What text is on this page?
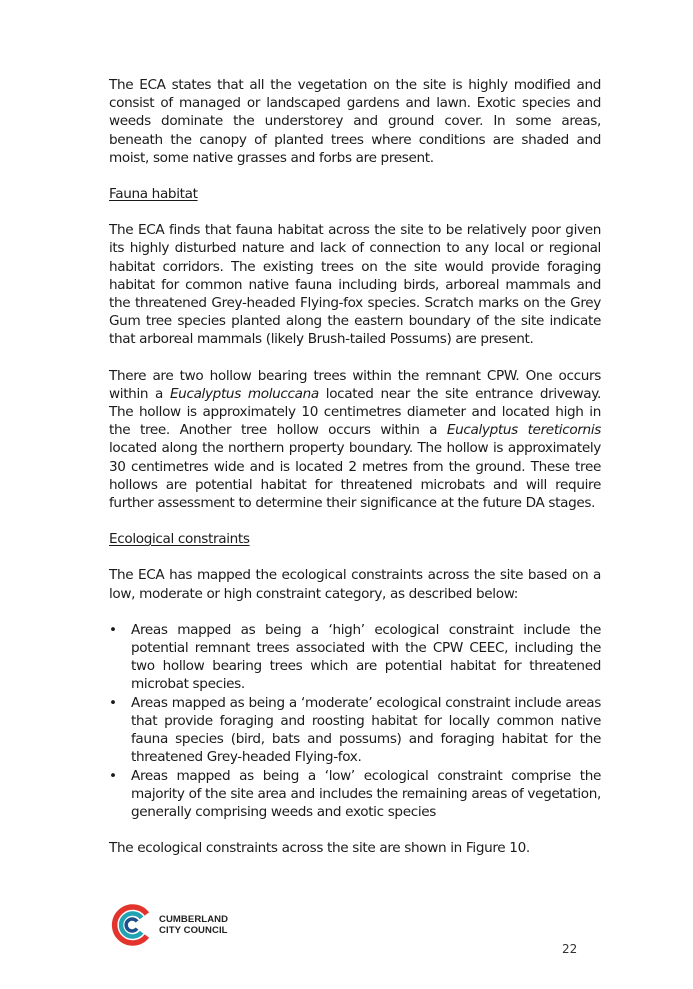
The ECA states that all the vegetation on the site is highly modified and consist of managed or landscaped gardens and lawn. Exotic species and weeds dominate the understorey and ground cover. In some areas, beneath the canopy of planted trees where conditions are shaded and moist, some native grasses and forbs are present.

Fauna habitat

The ECA finds that fauna habitat across the site to be relatively poor given its highly disturbed nature and lack of connection to any local or regional habitat corridors. The existing trees on the site would provide foraging habitat for common native fauna including birds, arboreal mammals and the threatened Grey-headed Flying-fox species. Scratch marks on the Grey Gum tree species planted along the eastern boundary of the site indicate that arboreal mammals (likely Brush-tailed Possums) are present.

There are two hollow bearing trees within the remnant CPW. One occurs within a Eucalyptus moluccana located near the site entrance driveway. The hollow is approximately 10 centimetres diameter and located high in the tree. Another tree hollow occurs within a Eucalyptus tereticornis located along the northern property boundary. The hollow is approximately 30 centimetres wide and is located 2 metres from the ground. These tree hollows are potential habitat for threatened microbats and will require further assessment to determine their significance at the future DA stages.

Ecological constraints

The ECA has mapped the ecological constraints across the site based on a low, moderate or high constraint category, as described below:

• Areas mapped as being a ‘high’ ecological constraint include the potential remnant trees associated with the CPW CEEC, including the two hollow bearing trees which are potential habitat for threatened microbat species.
• Areas mapped as being a ‘moderate’ ecological constraint include areas that provide foraging and roosting habitat for locally common native fauna species (bird, bats and possums) and foraging habitat for the threatened Grey-headed Flying-fox.
• Areas mapped as being a ‘low’ ecological constraint comprise the majority of the site area and includes the remaining areas of vegetation, generally comprising weeds and exotic species

The ecological constraints across the site are shown in Figure 10.

CUMBERLAND
CITY COUNCIL
22
